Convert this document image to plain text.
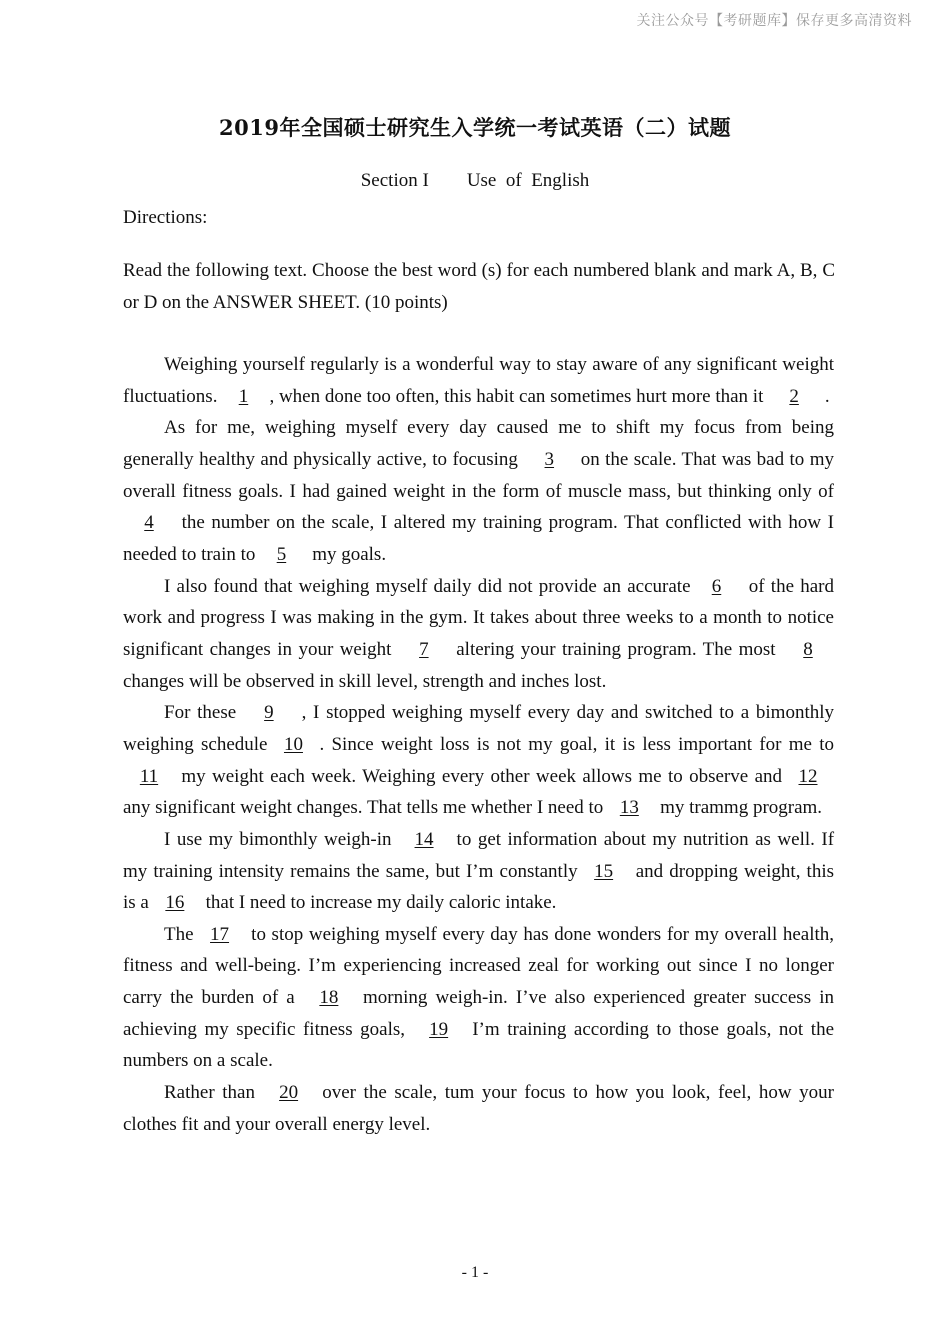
关注公众号【考研题库】保存更多高清资料
2019年全国硕士研究生入学统一考试英语（二）试题
Section I Use  of  English
Directions:
Read the following text. Choose the best word (s) for each numbered blank and mark A, B, C or D on the ANSWER SHEET. (10 points)

Weighing yourself regularly is a wonderful way to stay aware of any significant weight fluctuations. 1 , when done too often, this habit can sometimes hurt more than it 2 .

As for me, weighing myself every day caused me to shift my focus from being generally healthy and physically active, to focusing 3 on the scale. That was bad to my overall fitness goals. I had gained weight in the form of muscle mass, but thinking only of4 the number on the scale, I altered my training program. That conflicted with how I needed to train to 5 my goals.

I also found that weighing myself daily did not provide an accurate 6 of the hard work and progress I was making in the gym. It takes about three weeks to a month to notice significant changes in your weight 7 altering your training program. The most 8 changes will be observed in skill level, strength and inches lost.

For these 9 , I stopped weighing myself every day and switched to a bimonthly weighing schedule 10 . Since weight loss is not my goal, it is less important for me to11 my weight each week. Weighing every other week allows me to observe and 12 any significant weight changes. That tells me whether I need to 13 my trammg program.

I use my bimonthly weigh-in 14 to get information about my nutrition as well. If my training intensity remains the same, but I’m constantly 15 and dropping weight, this is a 16 that I need to increase my daily caloric intake.

The 17 to stop weighing myself every day has done wonders for my overall health, fitness and well-being. I’m experiencing increased zeal for working out since I no longer carry the burden of a 18 morning weigh-in. I’ve also experienced greater success in achieving my specific fitness goals, 19 I’m training according to those goals, not the numbers on a scale.

Rather than 20 over the scale, tum your focus to how you look, feel, how your clothes fit and your overall energy level.

- 1 -
